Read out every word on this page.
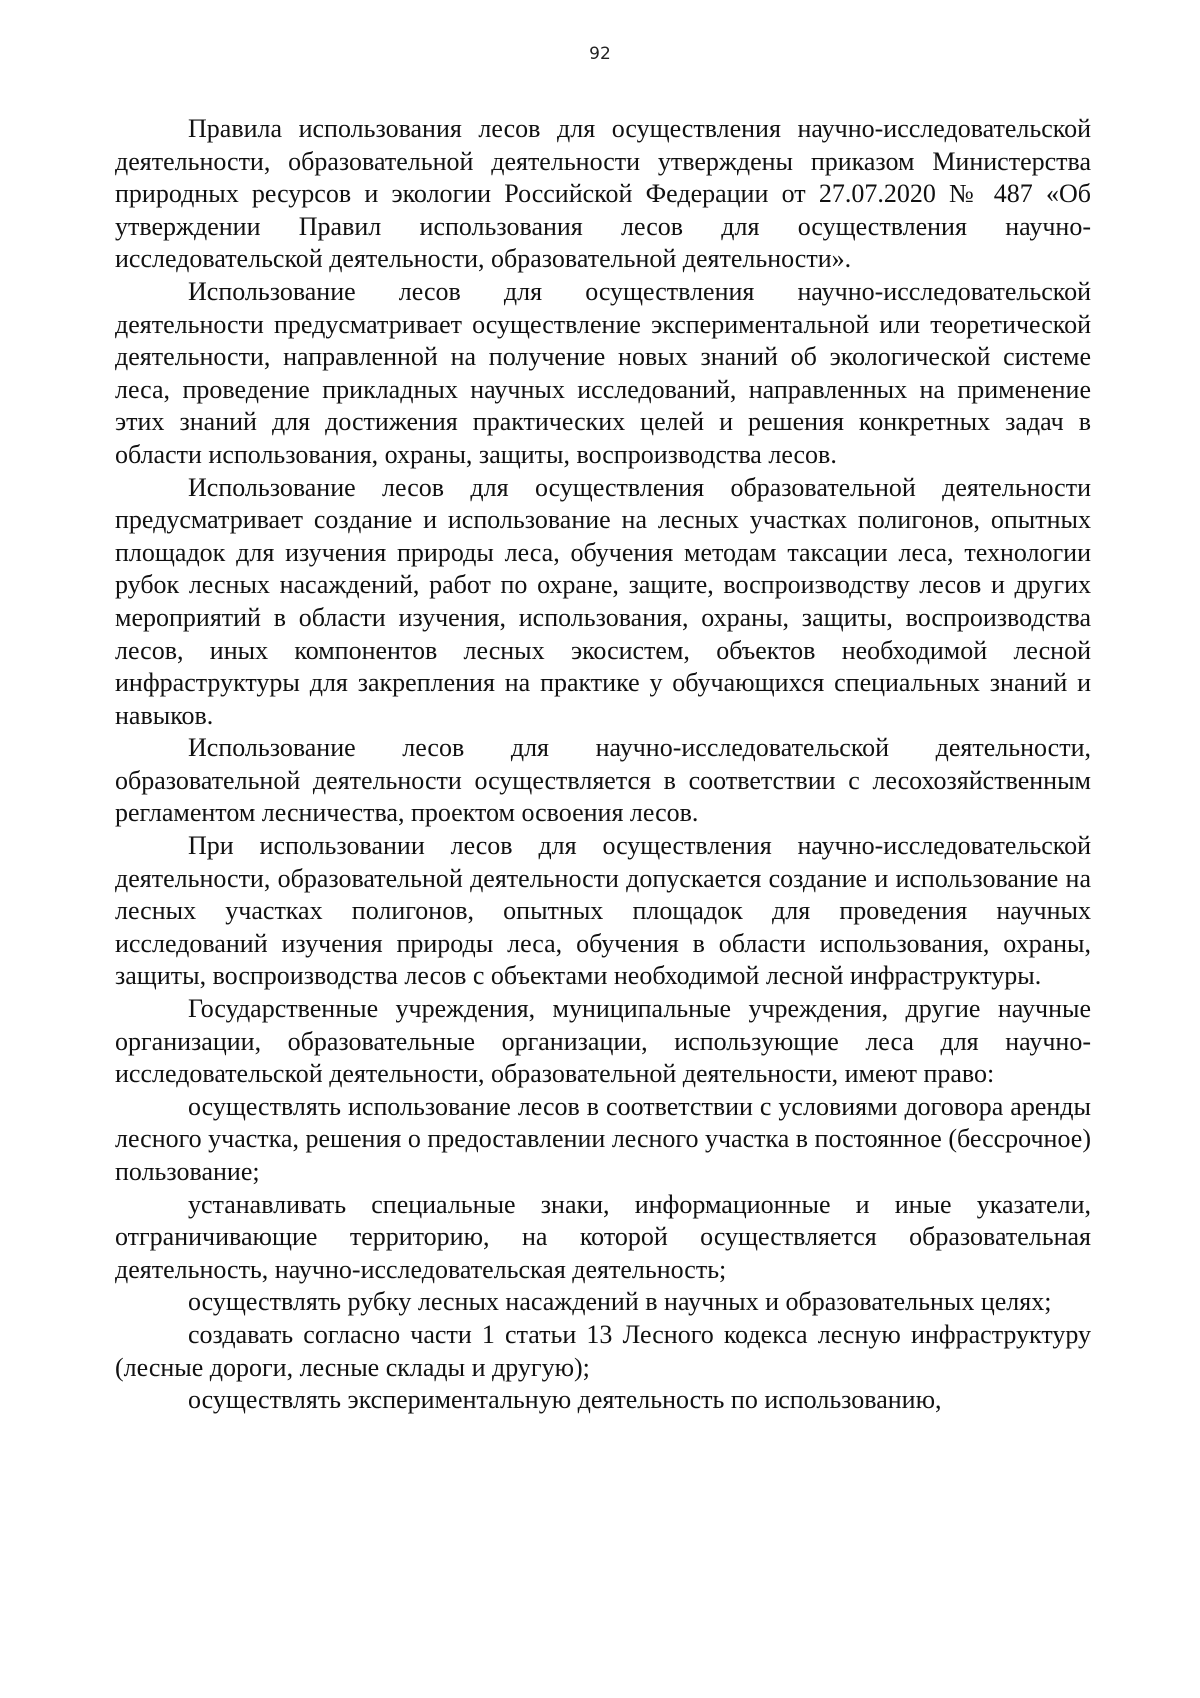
92

Правила использования лесов для осуществления научно-исследовательской деятельности, образовательной деятельности утверждены приказом Министерства природных ресурсов и экологии Российской Федерации от 27.07.2020 № 487 «Об утверждении Правил использования лесов для осуществления научно-исследовательской деятельности, образовательной деятельности».

Использование лесов для осуществления научно-исследовательской деятельности предусматривает осуществление экспериментальной или теоретической деятельности, направленной на получение новых знаний об экологической системе леса, проведение прикладных научных исследований, направленных на применение этих знаний для достижения практических целей и решения конкретных задач в области использования, охраны, защиты, воспроизводства лесов.

Использование лесов для осуществления образовательной деятельности предусматривает создание и использование на лесных участках полигонов, опытных площадок для изучения природы леса, обучения методам таксации леса, технологии рубок лесных насаждений, работ по охране, защите, воспроизводству лесов и других мероприятий в области изучения, использования, охраны, защиты, воспроизводства лесов, иных компонентов лесных экосистем, объектов необходимой лесной инфраструктуры для закрепления на практике у обучающихся специальных знаний и навыков.

Использование лесов для научно-исследовательской деятельности, образовательной деятельности осуществляется в соответствии с лесохозяйственным регламентом лесничества, проектом освоения лесов.

При использовании лесов для осуществления научно-исследовательской деятельности, образовательной деятельности допускается создание и использование на лесных участках полигонов, опытных площадок для проведения научных исследований изучения природы леса, обучения в области использования, охраны, защиты, воспроизводства лесов с объектами необходимой лесной инфраструктуры.

Государственные учреждения, муниципальные учреждения, другие научные организации, образовательные организации, использующие леса для научно-исследовательской деятельности, образовательной деятельности, имеют право:

осуществлять использование лесов в соответствии с условиями договора аренды лесного участка, решения о предоставлении лесного участка в постоянное (бессрочное) пользование;

устанавливать специальные знаки, информационные и иные указатели, отграничивающие территорию, на которой осуществляется образовательная деятельность, научно-исследовательская деятельность;

осуществлять рубку лесных насаждений в научных и образовательных целях;

создавать согласно части 1 статьи 13 Лесного кодекса лесную инфраструктуру (лесные дороги, лесные склады и другую);

осуществлять экспериментальную деятельность по использованию,
